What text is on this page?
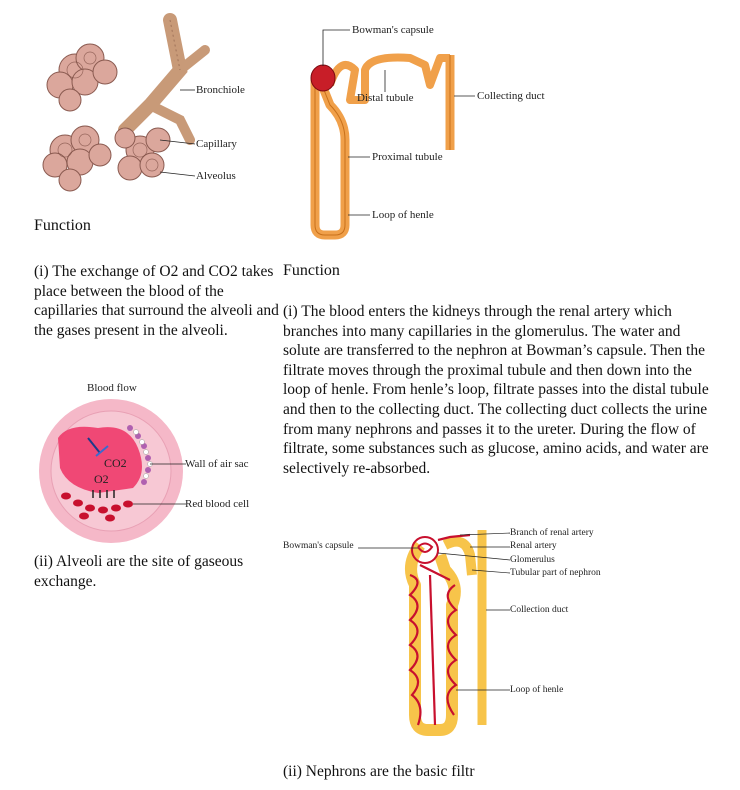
Bronchiole
Capillary
Alveolus
Bowman's capsule
Distal tubule	Collecting duct
Proximal tubule
Loop of henle
Function
(i) The exchange of O2 and CO2 takes place between the blood of the capillaries that surround the alveoli and the gases present in the alveoli.
Blood flow
CO2
O2
Wall of air sac
Red blood cell
(ii) Alveoli are the site of gaseous exchange.
Function
(i) The blood enters the kidneys through the renal artery which branches into many capillaries in the glomerulus. The water and solute are transferred to the nephron at Bowman’s capsule. Then the filtrate moves through the proximal tubule and then down into the loop of henle. From henle’s loop, filtrate passes into the distal tubule and then to the collecting duct. The collecting duct collects the urine from many nephrons and passes it to the ureter. During the flow of filtrate, some substances such as glucose, amino acids, and water are selectively re-absorbed.
Branch of renal artery
Renal artery
Glomerulus
Tubular part of nephron
Bowman's capsule
Collection duct
Loop of henle
(ii) Nephrons are the basic filtr
